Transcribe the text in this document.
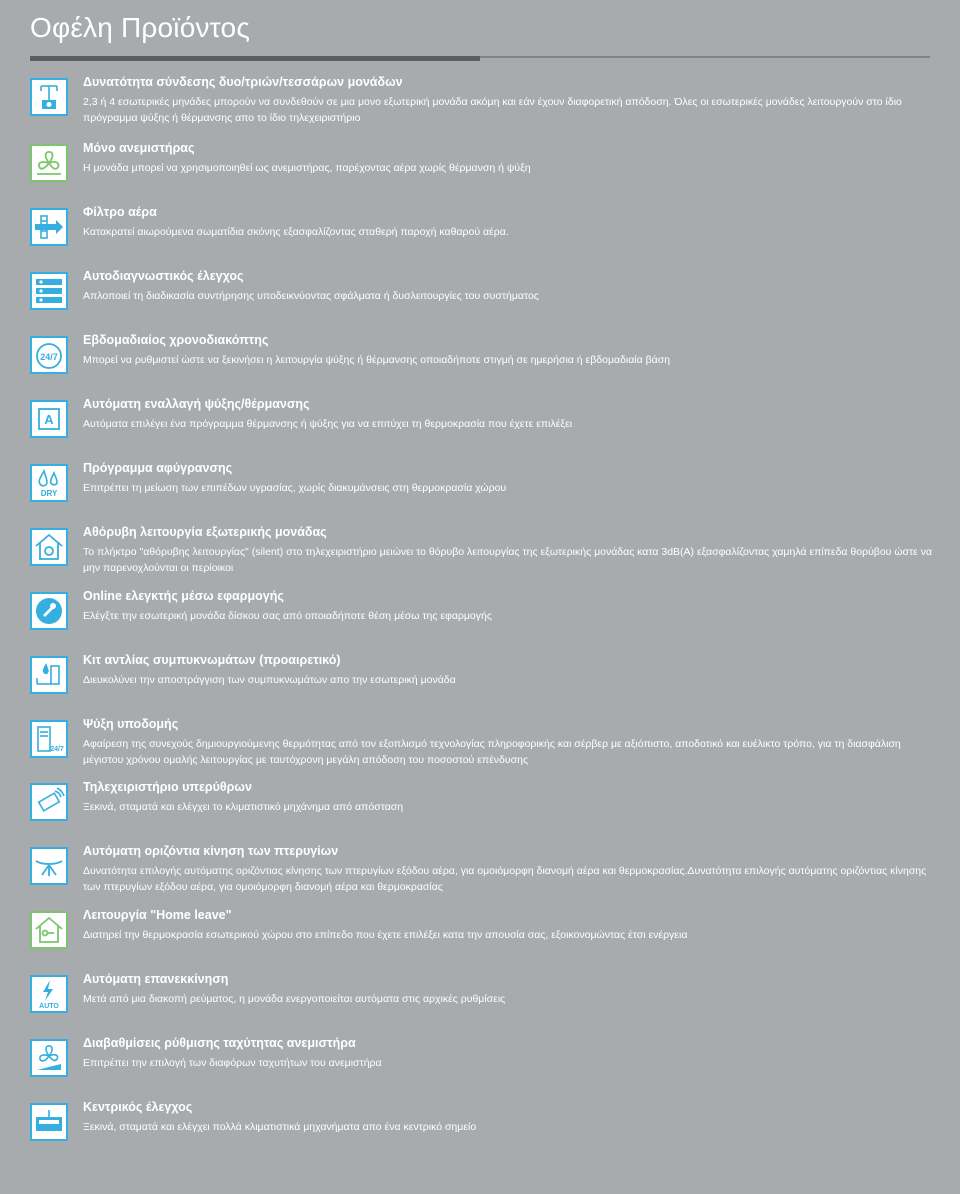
Οφέλη Προϊόντος
Δυνατότητα σύνδεσης δυο/τριών/τεσσάρων μονάδων
2,3 ή 4 εσωτερικές μηνάδες μπορούν να συνδεθούν σε μια μονο εξωτερική μονάδα ακόμη και εάν έχουν διαφορετική απόδοση. Όλες οι εσωτερικές μονάδες λειτουργούν στο ίδιο πρόγραμμα ψύξης ή θέρμανσης απο το ίδιο τηλεχειριστήριο
Μόνο ανεμιστήρας
Η μονάδα μπορεί να χρησιμοποιηθεί ως ανεμιστήρας, παρέχοντας αέρα χωρίς θέρμανση ή ψύξη
Φίλτρο αέρα
Κατακρατεί αιωρούμενα σωματίδια σκόνης εξασφαλίζοντας σταθερή παροχή καθαρού αέρα.
Αυτοδιαγνωστικός έλεγχος
Απλοποιεί τη διαδικασία συντήρησης υποδεικνύοντας σφάλματα ή δυσλειτουργίες του συστήματος
24/7
Εβδομαδιαίος χρονοδιακόπτης
Μπορεί να ρυθμιστεί ώστε να ξεκινήσει η λειτουργία ψύξης ή θέρμανσης οποιαδήποτε στιγμή σε ημερήσια ή εβδομαδιαία βάση
A
Αυτόματη εναλλαγή ψύξης/θέρμανσης
Αυτόματα επιλέγει ένα πρόγραμμα θέρμανσης ή ψύξης για να επιτύχει τη θερμοκρασία που έχετε επιλέξει
DRY
Πρόγραμμα αφύγρανσης
Επιτρέπει τη μείωση των επιπέδων υγρασίας, χωρίς διακυμάνσεις στη θερμοκρασία χώρου
Αθόρυβη λειτουργία εξωτερικής μονάδας
Το πλήκτρο "αθόρυβης λειτουργίας" (silent) στο τηλεχειριστήριο μειώνει το θόρυβο λειτουργίας της εξωτερικής μονάδας κατα 3dB(A) εξασφαλίζοντας χαμηλά επίπεδα θορύβου ώστε να μην παρενοχλούνται οι περίοικοι
Online ελεγκτής μέσω εφαρμογής
Ελέγξτε την εσωτερική μονάδα δίσκου σας από οποιαδήποτε θέση μέσω της εφαρμογής
Κιτ αντλίας συμπυκνωμάτων (προαιρετικό)
Διευκολύνει την αποστράγγιση των συμπυκνωμάτων απο την εσωτερική μονάδα
24/7
Ψύξη υποδομής
Αφαίρεση της συνεχούς δημιουργιούμενης θερμότητας από τον εξοπλισμό τεχνολογίας πληροφορικής και σέρβερ με αξιόπιστο, αποδοτικό και ευέλικτο τρόπο, για τη διασφάλιση μέγιστου χρόνου ομαλής λειτουργίας με ταυτόχρονη μεγάλη απόδοση του ποσοστού επένδυσης
Τηλεχειριστήριο υπερύθρων
Ξεκινά, σταματά και ελέγχει το κλιματιστικό μηχάνημα από απόσταση
Αυτόματη οριζόντια κίνηση των πτερυγίων
Δυνατότητα επιλογής αυτόματης οριζόντιας κίνησης των πτερυγίων εξόδου αέρα, για ομοιόμορφη διανομή αέρα και θερμοκρασίας.Δυνατότητα επιλογής αυτόματης οριζόντιας κίνησης των πτερυγίων εξόδου αέρα, για ομοιόμορφη διανομή αέρα και θερμοκρασίας
Λειτουργία "Home leave"
Διατηρεί την θερμοκρασία εσωτερικού χώρου στο επίπεδο που έχετε επιλέξει κατα την απουσία σας, εξοικονομώντας έτσι ενέργεια
AUTO
Αυτόματη επανεκκίνηση
Μετά από μια διακοπή ρεύματος, η μονάδα ενεργοποιείται αυτόματα στις αρχικές ρυθμίσεις
Διαβαθμίσεις ρύθμισης ταχύτητας ανεμιστήρα
Επιτρέπει την επιλογή των διαφόρων ταχυτήτων του ανεμιστήρα
Κεντρικός έλεγχος
Ξεκινά, σταματά και ελέγχει πολλά κλιματιστικά μηχανήματα απο ένα κεντρικό σημείο
